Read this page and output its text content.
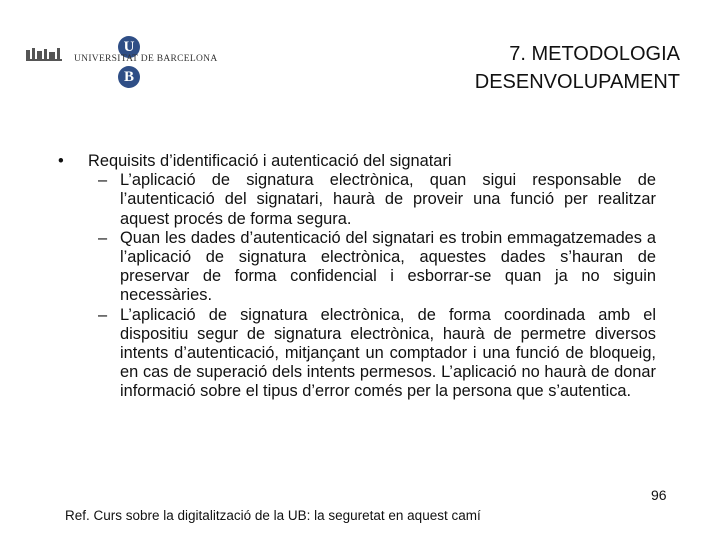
U
UNIVERSITAT DE BARCELONA
B
7. METODOLOGIA
DESENVOLUPAMENT
• Requisits d’identificació i autenticació del signatari
– L’aplicació de signatura electrònica, quan sigui responsable de l’autenticació del signatari, haurà de proveir una funció per realitzar aquest procés de forma segura.
– Quan les dades d’autenticació del signatari es trobin emmagatzemades a l’aplicació de signatura electrònica, aquestes dades s’hauran de preservar de forma confidencial i esborrar-se quan ja no siguin necessàries.
– L’aplicació de signatura electrònica, de forma coordinada amb el dispositiu segur de signatura electrònica, haurà de permetre diversos intents d’autenticació, mitjançant un comptador i una funció de bloqueig, en cas de superació dels intents permesos. L’aplicació no haurà de donar informació sobre el tipus d’error comés per la persona que s’autentica.
96
Ref. Curs sobre la digitalització de la UB: la seguretat en aquest camí
